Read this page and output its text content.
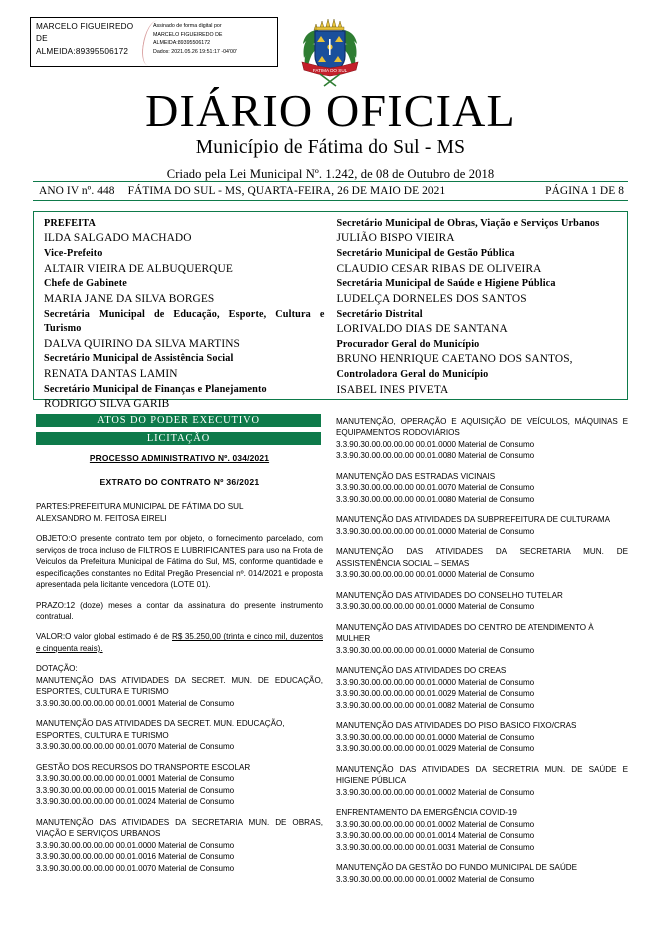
MARCELO FIGUEIREDO
DE
ALMEIDA:89395506172
Assinado de forma digital por
MARCELO FIGUEIREDO DE
ALMEIDA:89395506172
Dados: 2021.05.26 19:51:17 -04'00'
FATIMA DO SUL
DIÁRIO OFICIAL
Município de Fátima do Sul - MS
Criado pela Lei Municipal Nº. 1.242, de 08 de Outubro de 2018
ANO IV nº. 448 FÁTIMA DO SUL - MS, QUARTA-FEIRA, 26 DE MAIO DE 2021	PÁGINA 1 DE 8
PREFEITA
ILDA SALGADO MACHADO
Vice-Prefeito
ALTAIR VIEIRA DE ALBUQUERQUE
Chefe de Gabinete
MARIA JANE DA SILVA BORGES
Secretária Municipal de Educação, Esporte, Cultura e Turismo
DALVA QUIRINO DA SILVA MARTINS
Secretário Municipal de Assistência Social
RENATA DANTAS LAMIN
Secretário Municipal de Finanças e Planejamento
RODRIGO SILVA GARIB
Secretário Municipal de Obras, Viação e Serviços Urbanos
JULIÃO BISPO VIEIRA
Secretário Municipal de Gestão Pública
CLAUDIO CESAR RIBAS DE OLIVEIRA
Secretária Municipal de Saúde e Higiene Pública
LUDELÇA DORNELES DOS SANTOS
Secretário Distrital
LORIVALDO DIAS DE SANTANA
Procurador Geral do Município
BRUNO HENRIQUE CAETANO DOS SANTOS,
Controladora Geral do Município
ISABEL INES PIVETA
ATOS DO PODER EXECUTIVO
LICITAÇÃO
PROCESSO ADMINISTRATIVO Nº. 034/2021
EXTRATO DO CONTRATO Nº 36/2021
PARTES:PREFEITURA MUNICIPAL DE FÁTIMA DO SUL
ALEXSANDRO M. FEITOSA EIRELI
OBJETO:O presente contrato tem por objeto, o fornecimento parcelado, com serviços de troca incluso de FILTROS E LUBRIFICANTES para uso na Frota de Veiculos da Prefeitura Municipal de Fátima do Sul, MS, conforme quantidade e especificações constantes no Edital Pregão Presencial nº. 014/2021 e proposta apresentada pela licitante vencedora (LOTE 01).
PRAZO:12 (doze) meses a contar da assinatura do presente instrumento contratual.
VALOR:O valor global estimado é de R$ 35.250,00 (trinta e cinco mil, duzentos e cinquenta reais).
DOTAÇÃO:
MANUTENÇÃO DAS ATIVIDADES DA SECRET. MUN. DE EDUCAÇÃO, ESPORTES, CULTURA E TURISMO
3.3.90.30.00.00.00.00 00.01.0001 Material de Consumo
MANUTENÇÃO DAS ATIVIDADES DA SECRET. MUN. EDUCAÇÃO, ESPORTES, CULTURA E TURISMO
3.3.90.30.00.00.00.00 00.01.0070 Material de Consumo
GESTÃO DOS RECURSOS DO TRANSPORTE ESCOLAR
3.3.90.30.00.00.00.00 00.01.0001 Material de Consumo
3.3.90.30.00.00.00.00 00.01.0015 Material de Consumo
3.3.90.30.00.00.00.00 00.01.0024 Material de Consumo
MANUTENÇÃO DAS ATIVIDADES DA SECRETARIA MUN. DE OBRAS, VIAÇÃO E SERVIÇOS URBANOS
3.3.90.30.00.00.00.00 00.01.0000 Material de Consumo
3.3.90.30.00.00.00.00 00.01.0016 Material de Consumo
3.3.90.30.00.00.00.00 00.01.0070 Material de Consumo
MANUTENÇÃO, OPERAÇÃO E AQUISIÇÃO DE VEÍCULOS, MÁQUINAS E EQUIPAMENTOS RODOVIÁRIOS
3.3.90.30.00.00.00.00 00.01.0000 Material de Consumo
3.3.90.30.00.00.00.00 00.01.0080 Material de Consumo
MANUTENÇÃO DAS ESTRADAS VICINAIS
3.3.90.30.00.00.00.00 00.01.0070 Material de Consumo
3.3.90.30.00.00.00.00 00.01.0080 Material de Consumo
MANUTENÇÃO DAS ATIVIDADES DA SUBPREFEITURA DE CULTURAMA
3.3.90.30.00.00.00.00 00.01.0000 Material de Consumo
MANUTENÇÃO DAS ATIVIDADES DA SECRETARIA MUN. DE ASSISTENÊNCIA SOCIAL – SEMAS
3.3.90.30.00.00.00.00 00.01.0000 Material de Consumo
MANUTENÇÃO DAS ATIVIDADES DO CONSELHO TUTELAR
3.3.90.30.00.00.00.00 00.01.0000 Material de Consumo
MANUTENÇÃO DAS ATIVIDADES DO CENTRO DE ATENDIMENTO À MULHER
3.3.90.30.00.00.00.00 00.01.0000 Material de Consumo
MANUTENÇÃO DAS ATIVIDADES DO CREAS
3.3.90.30.00.00.00.00 00.01.0000 Material de Consumo
3.3.90.30.00.00.00.00 00.01.0029 Material de Consumo
3.3.90.30.00.00.00.00 00.01.0082 Material de Consumo
MANUTENÇÃO DAS ATIVIDADES DO PISO BASICO FIXO/CRAS
3.3.90.30.00.00.00.00 00.01.0000 Material de Consumo
3.3.90.30.00.00.00.00 00.01.0029 Material de Consumo
MANUTENÇÃO DAS ATIVIDADES DA SECRETRIA MUN. DE SAÚDE E HIGIENE PÚBLICA
3.3.90.30.00.00.00.00 00.01.0002 Material de Consumo
ENFRENTAMENTO DA EMERGÊNCIA COVID-19
3.3.90.30.00.00.00.00 00.01.0002 Material de Consumo
3.3.90.30.00.00.00.00 00.01.0014 Material de Consumo
3.3.90.30.00.00.00.00 00.01.0031 Material de Consumo
MANUTENÇÃO DA GESTÃO DO FUNDO MUNICIPAL DE SAÚDE
3.3.90.30.00.00.00.00 00.01.0002 Material de Consumo
